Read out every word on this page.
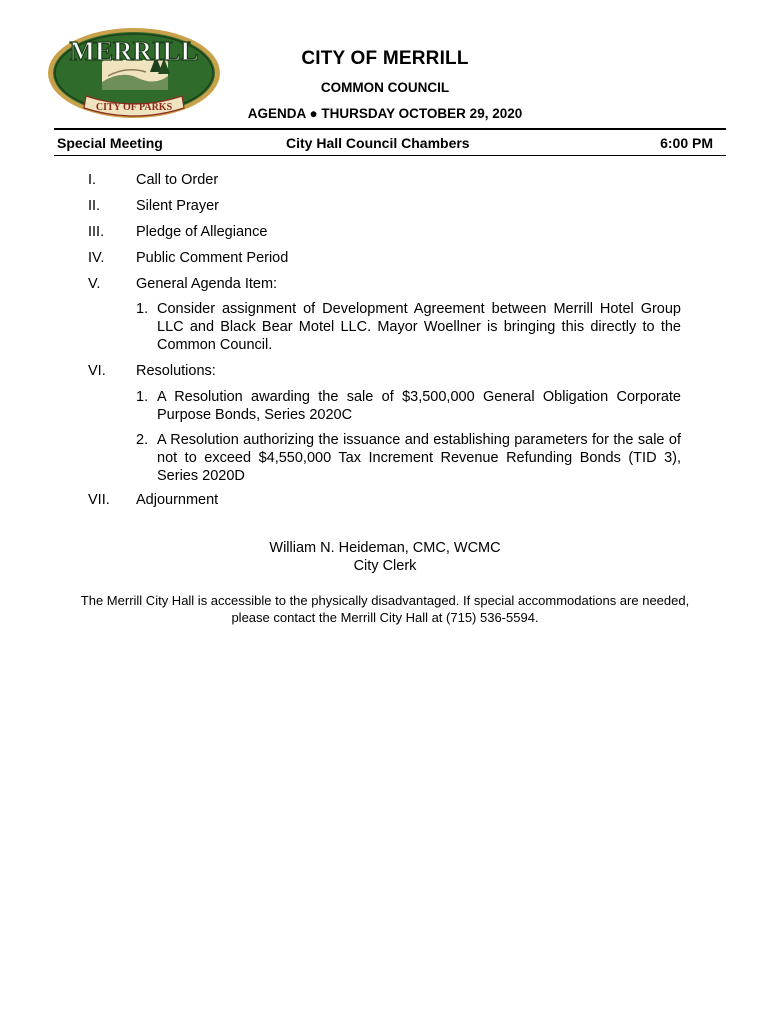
MERRILL
CITY OF PARKS
CITY OF MERRILL
COMMON COUNCIL
AGENDA ● THURSDAY OCTOBER 29, 2020
Special Meeting	City Hall Council Chambers	6:00 PM
I.	Call to Order
II.	Silent Prayer
III.	Pledge of Allegiance
IV.	Public Comment Period
V.	General Agenda Item:
1. Consider assignment of Development Agreement between Merrill Hotel Group LLC and Black Bear Motel LLC. Mayor Woellner is bringing this directly to the Common Council.
VI.	Resolutions:
1. A Resolution awarding the sale of $3,500,000 General Obligation Corporate Purpose Bonds, Series 2020C
2. A Resolution authorizing the issuance and establishing parameters for the sale of not to exceed $4,550,000 Tax Increment Revenue Refunding Bonds (TID 3), Series 2020D
VII.	Adjournment
William N. Heideman, CMC, WCMC
City Clerk
The Merrill City Hall is accessible to the physically disadvantaged. If special accommodations are needed,
please contact the Merrill City Hall at (715) 536-5594.
